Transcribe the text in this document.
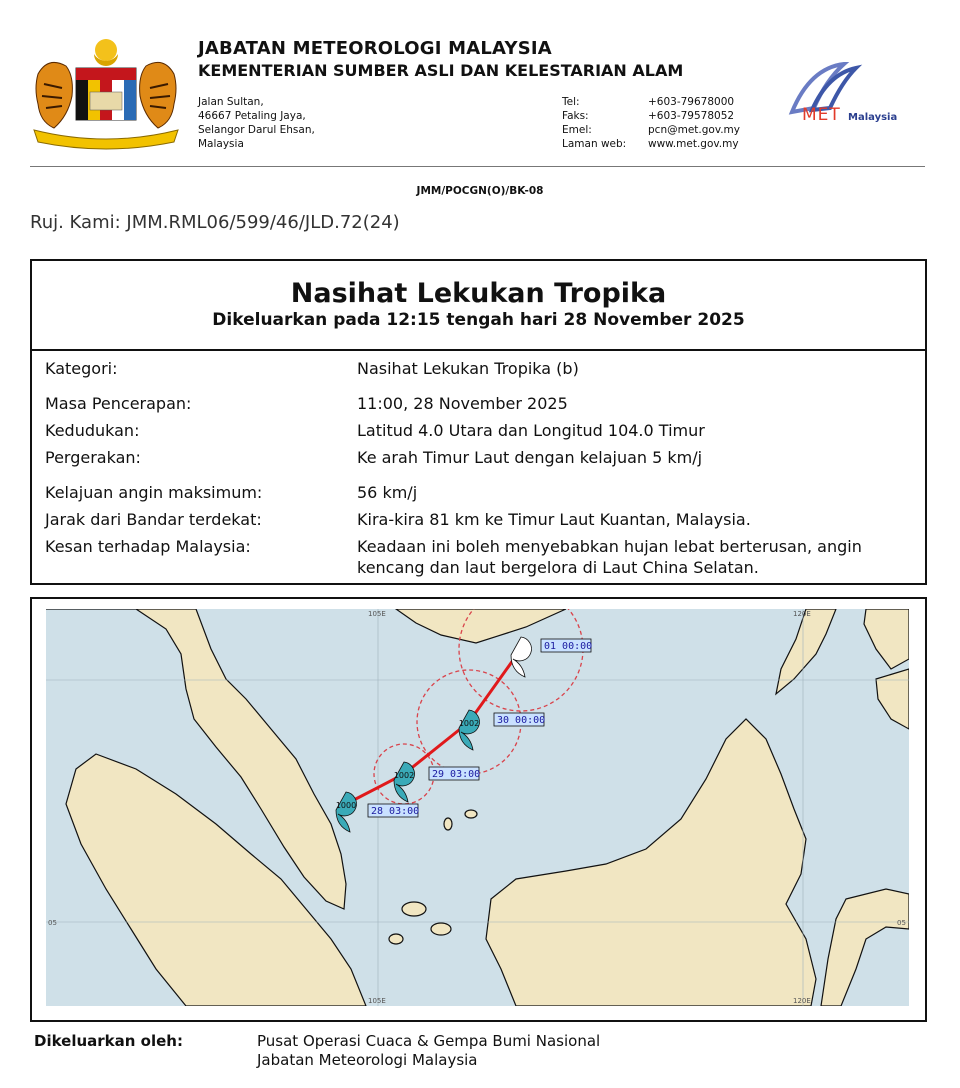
JABATAN METEOROLOGI MALAYSIA
KEMENTERIAN SUMBER ASLI DAN KELESTARIAN ALAM
Jalan Sultan,
46667 Petaling Jaya,
Selangor Darul Ehsan,
Malaysia
Tel:	+603-79678000
Faks:	+603-79578052
Emel:	pcn@met.gov.my
Laman web:	www.met.gov.my
MET Malaysia
JMM/POCGN(O)/BK-08
Ruj. Kami: JMM.RML06/599/46/JLD.72(24)
Nasihat Lekukan Tropika
Dikeluarkan pada 12:15 tengah hari 28 November 2025
Kategori:	Nasihat Lekukan Tropika (b)
Masa Pencerapan:	11:00, 28 November 2025
Kedudukan:	Latitud 4.0 Utara dan Longitud 104.0 Timur
Pergerakan:	Ke arah Timur Laut dengan kelajuan 5 km/j
Kelajuan angin maksimum:	56 km/j
Jarak dari Bandar terdekat:	Kira-kira 81 km ke Timur Laut Kuantan, Malaysia.
Kesan terhadap Malaysia:	Keadaan ini boleh menyebabkan hujan lebat berterusan, angin kencang dan laut bergelora di Laut China Selatan.
105E	120E
05	05
105E	120E
1000
1002
1002
28 03:00
29 03:00
30 00:00
01 00:00
Dikeluarkan oleh:	Pusat Operasi Cuaca & Gempa Bumi Nasional
Jabatan Meteorologi Malaysia
